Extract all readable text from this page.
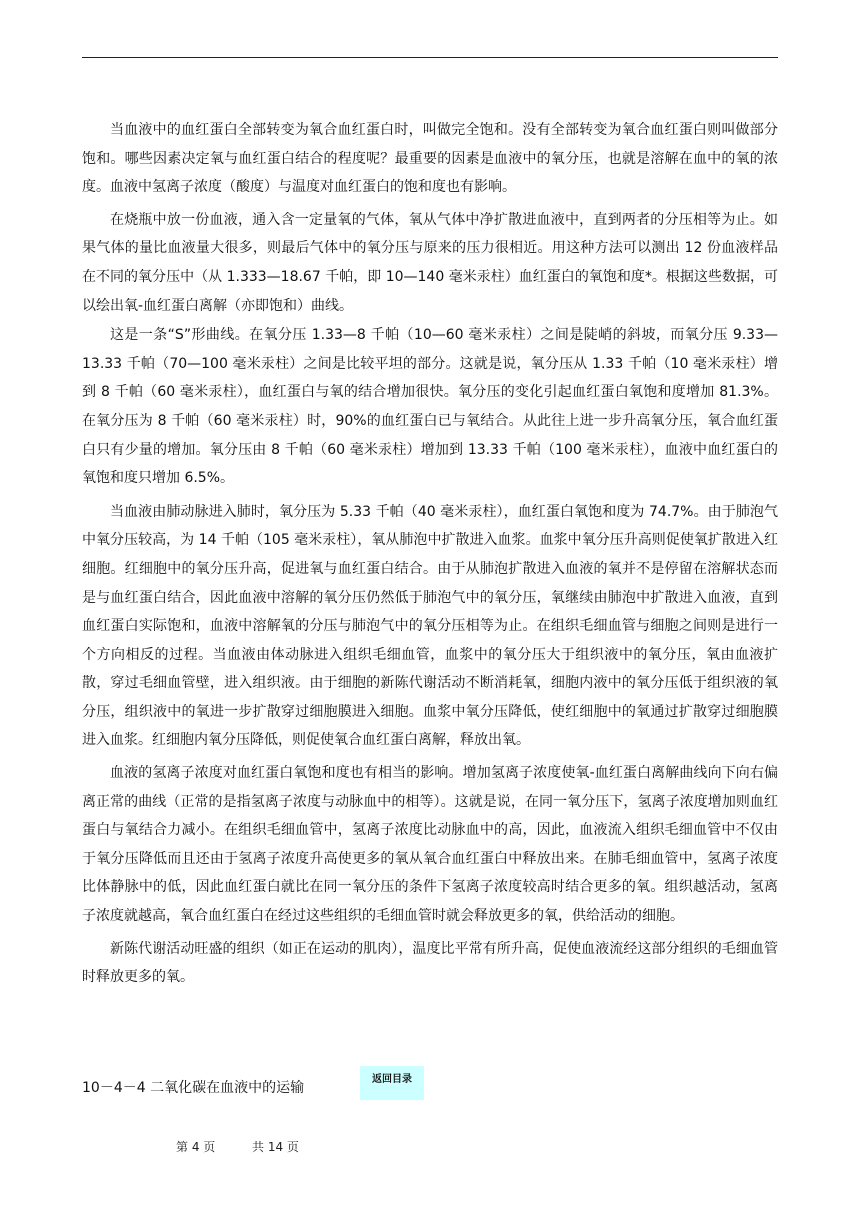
当血液中的血红蛋白全部转变为氧合血红蛋白时，叫做完全饱和。没有全部转变为氧合血红蛋白则叫做部分饱和。哪些因素决定氧与血红蛋白结合的程度呢？最重要的因素是血液中的氧分压，也就是溶解在血中的氧的浓度。血液中氢离子浓度（酸度）与温度对血红蛋白的饱和度也有影响。

在烧瓶中放一份血液，通入含一定量氧的气体，氧从气体中净扩散进血液中，直到两者的分压相等为止。如果气体的量比血液量大很多，则最后气体中的氧分压与原来的压力很相近。用这种方法可以测出 12 份血液样品在不同的氧分压中（从 1.333—18.67 千帕，即 10—140 毫米汞柱）血红蛋白的氧饱和度*。根据这些数据，可以绘出氧-血红蛋白离解（亦即饱和）曲线。

这是一条“S”形曲线。在氧分压 1.33—8 千帕（10—60 毫米汞柱）之间是陡峭的斜坡，而氧分压 9.33—13.33 千帕（70—100 毫米汞柱）之间是比较平坦的部分。这就是说，氧分压从 1.33 千帕（10 毫米汞柱）增到 8 千帕（60 毫米汞柱），血红蛋白与氧的结合增加很快。氧分压的变化引起血红蛋白氧饱和度增加 81.3%。在氧分压为 8 千帕（60 毫米汞柱）时，90%的血红蛋白已与氧结合。从此往上进一步升高氧分压，氧合血红蛋白只有少量的增加。氧分压由 8 千帕（60 毫米汞柱）增加到 13.33 千帕（100 毫米汞柱），血液中血红蛋白的氧饱和度只增加 6.5%。

当血液由肺动脉进入肺时，氧分压为 5.33 千帕（40 毫米汞柱），血红蛋白氧饱和度为 74.7%。由于肺泡气中氧分压较高，为 14 千帕（105 毫米汞柱），氧从肺泡中扩散进入血浆。血浆中氧分压升高则促使氧扩散进入红细胞。红细胞中的氧分压升高，促进氧与血红蛋白结合。由于从肺泡扩散进入血液的氧并不是停留在溶解状态而是与血红蛋白结合，因此血液中溶解的氧分压仍然低于肺泡气中的氧分压，氧继续由肺泡中扩散进入血液，直到血红蛋白实际饱和，血液中溶解氧的分压与肺泡气中的氧分压相等为止。在组织毛细血管与细胞之间则是进行一个方向相反的过程。当血液由体动脉进入组织毛细血管，血浆中的氧分压大于组织液中的氧分压，氧由血液扩散，穿过毛细血管壁，进入组织液。由于细胞的新陈代谢活动不断消耗氧，细胞内液中的氧分压低于组织液的氧分压，组织液中的氧进一步扩散穿过细胞膜进入细胞。血浆中氧分压降低，使红细胞中的氧通过扩散穿过细胞膜进入血浆。红细胞内氧分压降低，则促使氧合血红蛋白离解，释放出氧。

血液的氢离子浓度对血红蛋白氧饱和度也有相当的影响。增加氢离子浓度使氧-血红蛋白离解曲线向下向右偏离正常的曲线（正常的是指氢离子浓度与动脉血中的相等）。这就是说，在同一氧分压下，氢离子浓度增加则血红蛋白与氧结合力减小。在组织毛细血管中，氢离子浓度比动脉血中的高，因此，血液流入组织毛细血管中不仅由于氧分压降低而且还由于氢离子浓度升高使更多的氧从氧合血红蛋白中释放出来。在肺毛细血管中，氢离子浓度比体静脉中的低，因此血红蛋白就比在同一氧分压的条件下氢离子浓度较高时结合更多的氧。组织越活动，氢离子浓度就越高，氧合血红蛋白在经过这些组织的毛细血管时就会释放更多的氧，供给活动的细胞。

新陈代谢活动旺盛的组织（如正在运动的肌肉），温度比平常有所升高，促使血液流经这部分组织的毛细血管时释放更多的氧。

10－4－4 二氧化碳在血液中的运输
返回目录
第 4 页	共 14 页
